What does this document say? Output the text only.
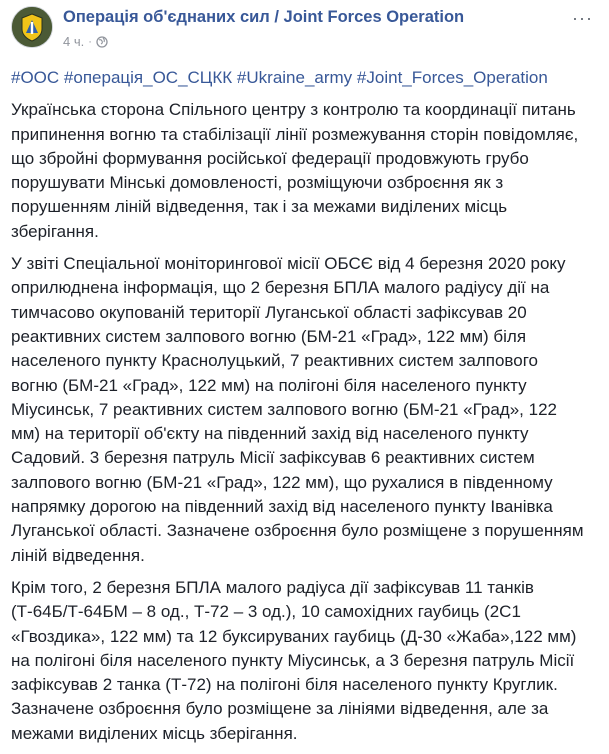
Операція об'єднаних сил / Joint Forces Operation
4 ч. ·
···
#ООС #операція_ОС_СЦКК #Ukraine_army #Joint_Forces_Operation

Українська сторона Спільного центру з контролю та координації питань
припинення вогню та стабілізації лінії розмежування сторін повідомляє,
що збройні формування російської федерації продовжують грубо
порушувати Мінські домовленості, розміщуючи озброєння як з
порушенням ліній відведення, так і за межами виділених місць
зберігання.

У звіті Спеціальної моніторингової місії ОБСЄ від 4 березня 2020 року
оприлюднена інформація, що 2 березня БПЛА малого радіусу дії на
тимчасово окупованій території Луганської області зафіксував 20
реактивних систем залпового вогню (БМ-21 «Град», 122 мм) біля
населеного пункту Краснолуцький, 7 реактивних систем залпового
вогню (БМ-21 «Град», 122 мм) на полігоні біля населеного пункту
Міусинськ, 7 реактивних систем залпового вогню (БМ-21 «Град», 122
мм) на території об'єкту на південний захід від населеного пункту
Садовий. 3 березня патруль Місії зафіксував 6 реактивних систем
залпового вогню (БМ-21 «Град», 122 мм), що рухалися в південному
напрямку дорогою на південний захід від населеного пункту Іванівка
Луганської області. Зазначене озброєння було розміщене з порушенням
ліній відведення.

Крім того, 2 березня БПЛА малого радіуса дії зафіксував 11 танків
(Т-64Б/Т-64БМ – 8 од., Т-72 – 3 од.), 10 самохідних гаубиць (2С1
«Гвоздика», 122 мм) та 12 буксируваних гаубиць (Д-30 «Жаба»,122 мм)
на полігоні біля населеного пункту Міусинськ, а 3 березня патруль Місії
зафіксував 2 танка (Т-72) на полігоні біля населеного пункту Круглик.
Зазначене озброєння було розміщене за лініями відведення, але за
межами виділених місць зберігання.
